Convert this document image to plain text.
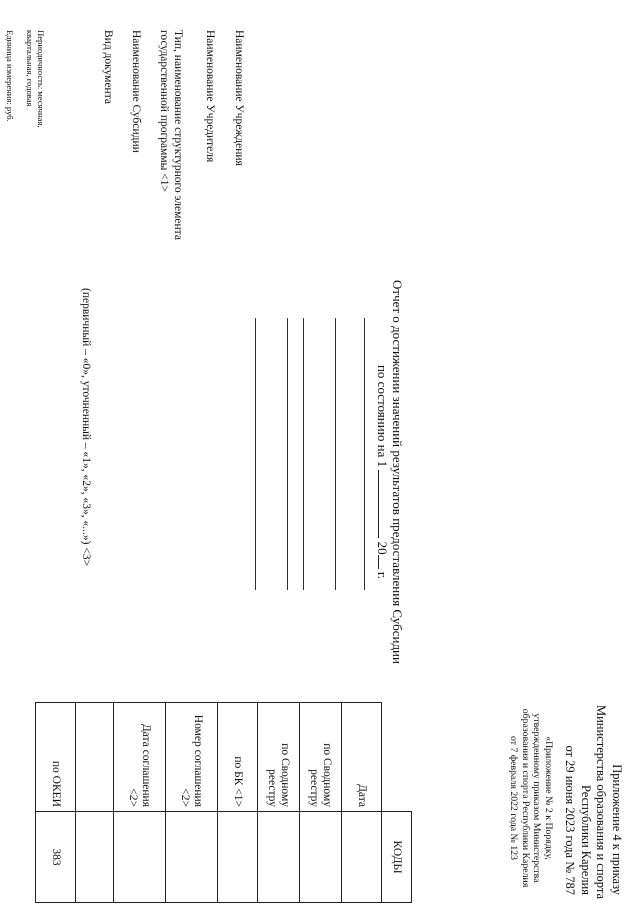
Приложение 4 к приказу
Министерства образования и спорта
Республики Карелия
от 29 июня 2023 года № 787
«Приложение № 2 к Порядку,
утвержденному приказом Министерства
образования и спорта Республики Карелия
от 7 февраля 2022 года № 123
Отчет о достижении значений результатов предоставления Субсидии
по состоянию на 1  20 г.
Наименование Учреждения
Наименование Учредителя
Тип, наименование структурного элемента
государственной программы <1>
Наименование Субсидии
Вид документа
(первичный – «0», уточненный – «1», «2», «3», «...») <3>
Периодичность: месячная,
квартальная, годовая
Единица измерения: руб.
	КОДЫ
Дата	
по Сводному реестру	
по Сводному реестру	
по БК <1>	
Номер соглашения <2>	
Дата соглашения <2>	

по ОКЕИ	383
